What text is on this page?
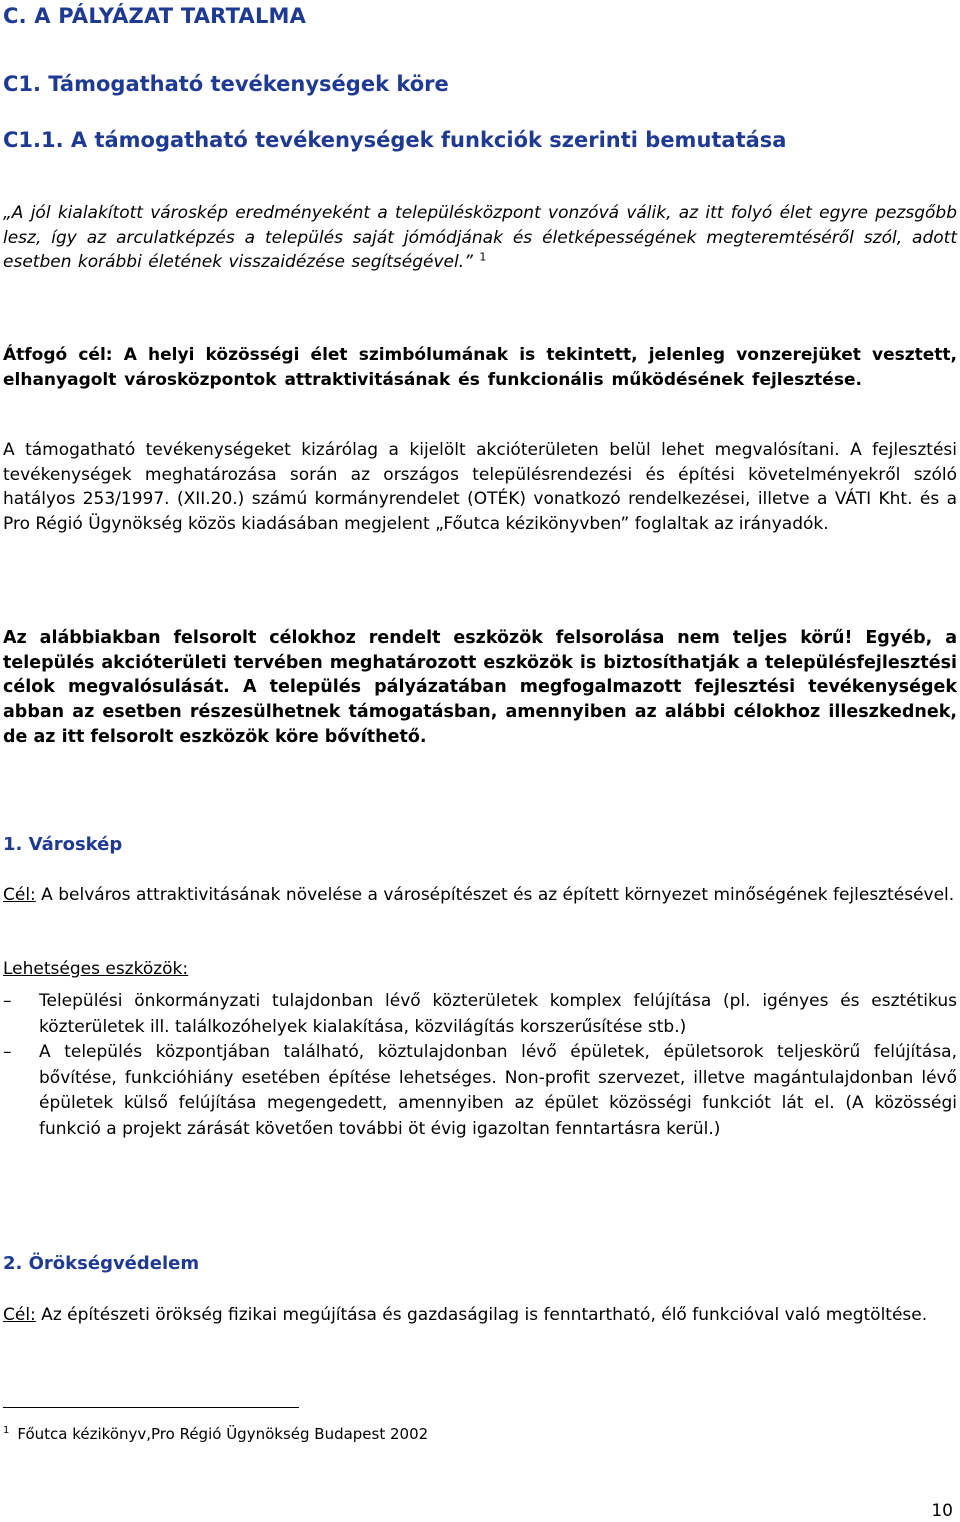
C. A PÁLYÁZAT TARTALMA
C1. Támogatható tevékenységek köre
C1.1. A támogatható tevékenységek funkciók szerinti bemutatása
„A jól kialakított városkép eredményeként a településközpont vonzóvá válik, az itt folyó élet egyre pezsgőbb lesz, így az arculatképzés a település saját jómódjának és életképességének megteremtéséről szól, adott esetben korábbi életének visszaidézése segítségével.” $^1$
Átfogó cél: A helyi közösségi élet szimbólumának is tekintett, jelenleg vonzerejüket vesztett, elhanyagolt városközpontok attraktivitásának és funkcionális működésének fejlesztése.
A támogatható tevékenységeket kizárólag a kijelölt akcióterületen belül lehet megvalósítani. A fejlesztési tevékenységek meghatározása során az országos településrendezési és építési követelményekről szóló hatályos 253/1997. (XII.20.) számú kormányrendelet (OTÉK) vonatkozó rendelkezései, illetve a VÁTI Kht. és a Pro Régió Ügynökség közös kiadásában megjelent „Főutca kézikönyvben” foglaltak az irányadók.
Az alábbiakban felsorolt célokhoz rendelt eszközök felsorolása nem teljes körű! Egyéb, a település akcióterületi tervében meghatározott eszközök is biztosíthatják a településfejlesztési célok megvalósulását. A település pályázatában megfogalmazott fejlesztési tevékenységek abban az esetben részesülhetnek támogatásban, amennyiben az alábbi célokhoz illeszkednek, de az itt felsorolt eszközök köre bővíthető.
1. Városkép
Cél: A belváros attraktivitásának növelése a városépítészet és az épített környezet minőségének fejlesztésével.
Lehetséges eszközök:
– Települési önkormányzati tulajdonban lévő közterületek komplex felújítása (pl. igényes és esztétikus közterületek ill. találkozóhelyek kialakítása, közvilágítás korszerűsítése stb.)
– A település központjában található, köztulajdonban lévő épületek, épületsorok teljeskörű felújítása, bővítése, funkcióhiány esetében építése lehetséges. Non-profit szervezet, illetve magántulajdonban lévő épületek külső felújítása megengedett, amennyiben az épület közösségi funkciót lát el. (A közösségi funkció a projekt zárását követően további öt évig igazoltan fenntartásra kerül.)
2. Örökségvédelem
Cél: Az építészeti örökség fizikai megújítása és gazdaságilag is fenntartható, élő funkcióval való megtöltése.
$^1$ Főutca kézikönyv,Pro Régió Ügynökség Budapest 2002
10
